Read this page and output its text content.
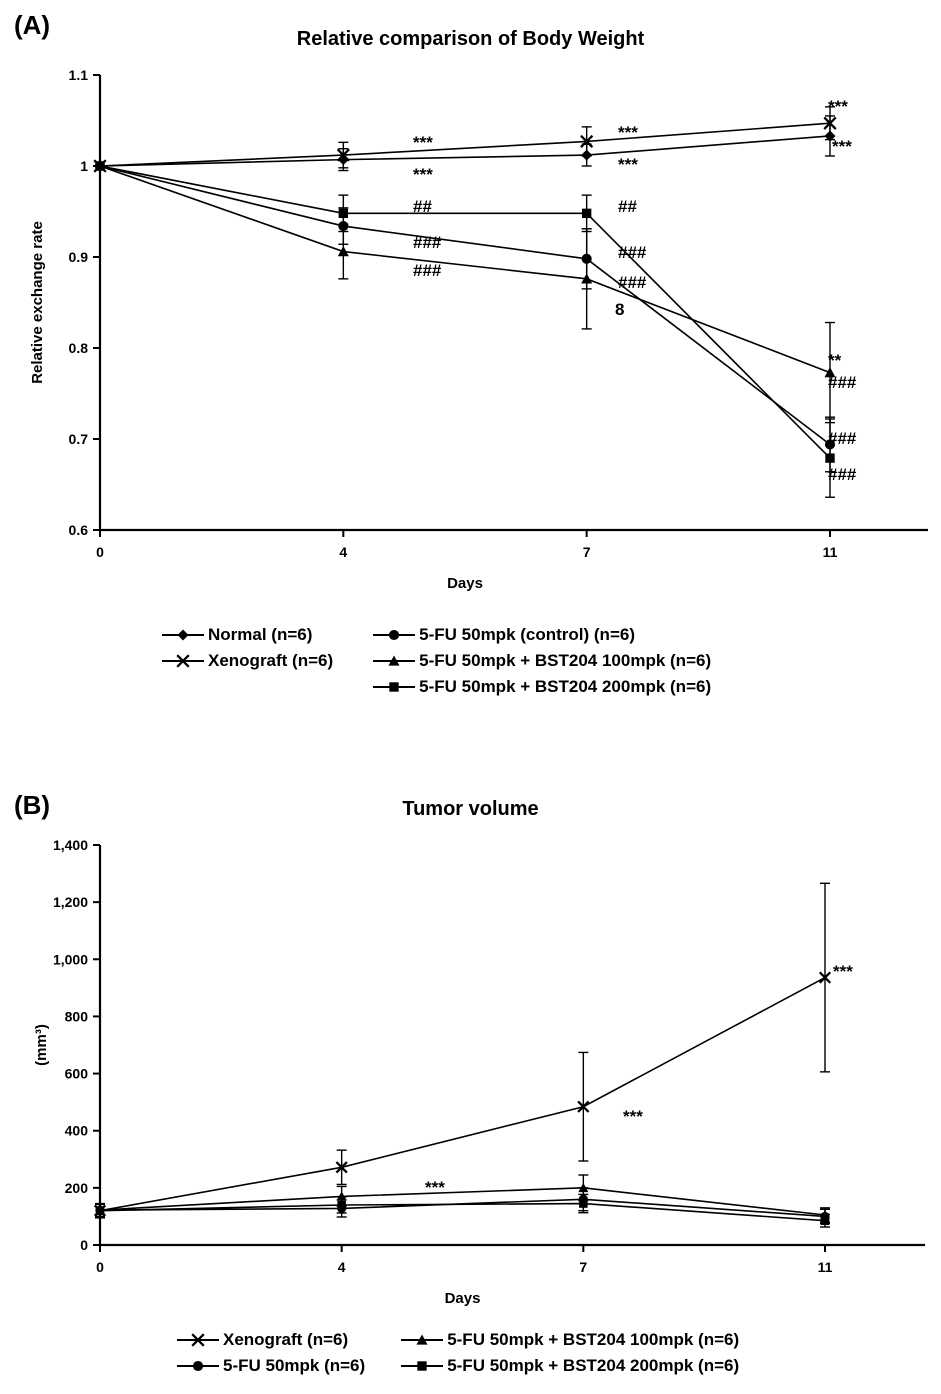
(A)	Relative comparison of Body Weight
0.6
0.7
0.8
0.9
1
1.1
0	4	7	11
Days
Relative exchange rate
***
***
##
###
###
***
***
##
###
###
8
***
***
**
###
###
###
Normal (n=6)
Xenograft (n=6)
5-FU 50mpk (control) (n=6)
5-FU 50mpk + BST204 100mpk (n=6)
5-FU 50mpk + BST204 200mpk (n=6)
(B)	Tumor volume
0
200
400
600
800
1,000
1,200
1,400
0	4	7	11
Days
(mm³)
***
***
***
Xenograft (n=6)
5-FU 50mpk (n=6)
5-FU 50mpk + BST204 100mpk (n=6)
5-FU 50mpk + BST204 200mpk (n=6)
